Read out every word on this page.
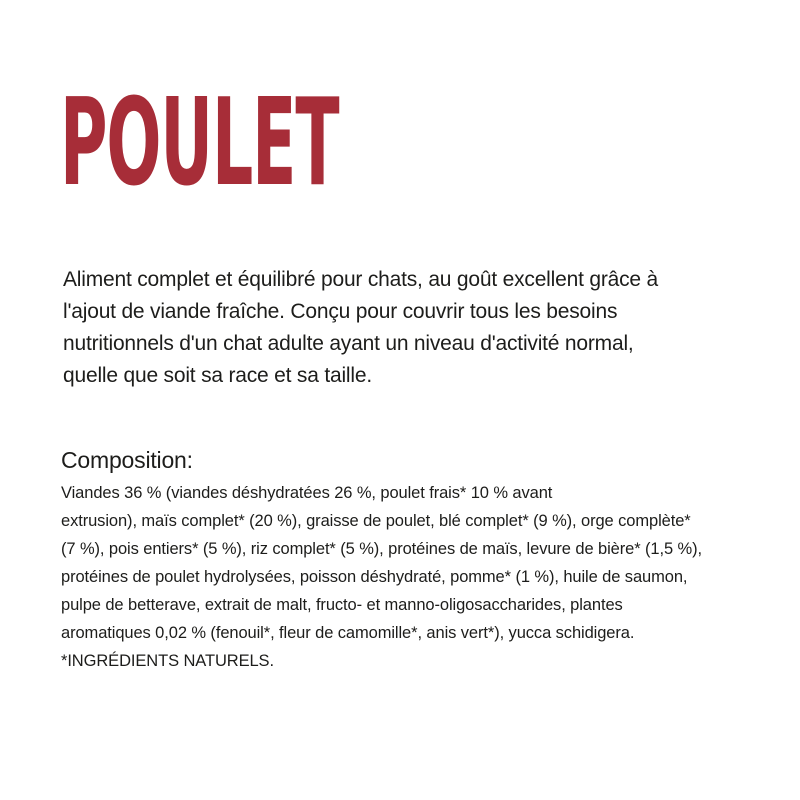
POULET
Aliment complet et équilibré pour chats, au goût excellent grâce à
l'ajout de viande fraîche. Conçu pour couvrir tous les besoins
nutritionnels d'un chat adulte ayant un niveau d'activité normal,
quelle que soit sa race et sa taille.
Composition:
Viandes 36 % (viandes déshydratées 26 %, poulet frais* 10 % avant
extrusion), maïs complet* (20 %), graisse de poulet, blé complet* (9 %), orge complète*
(7 %), pois entiers* (5 %), riz complet* (5 %), protéines de maïs, levure de bière* (1,5 %),
protéines de poulet hydrolysées, poisson déshydraté, pomme* (1 %), huile de saumon,
pulpe de betterave, extrait de malt, fructo- et manno-oligosaccharides, plantes
aromatiques 0,02 % (fenouil*, fleur de camomille*, anis vert*), yucca schidigera.
*INGRÉDIENTS NATURELS.
